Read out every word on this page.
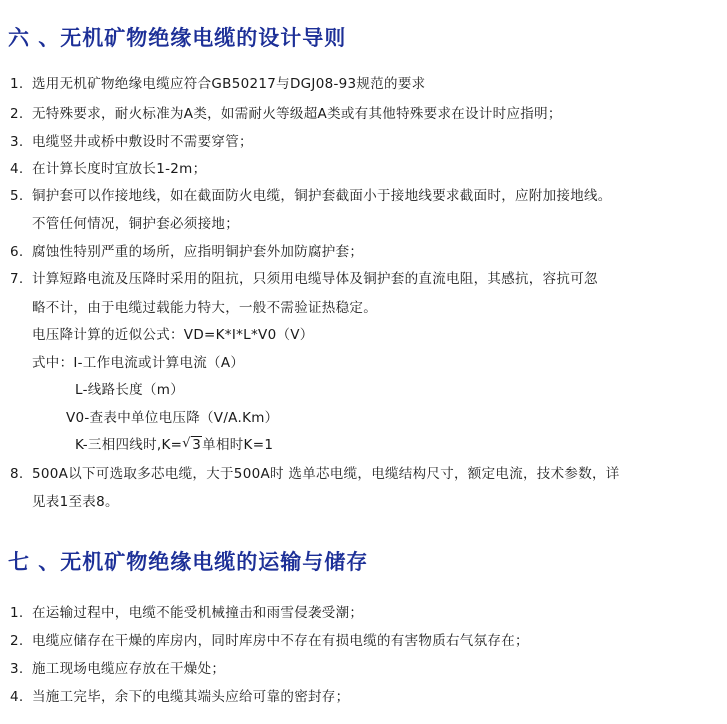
六 、无机矿物绝缘电缆的设计导则
1. 选用无机矿物绝缘电缆应符合GB50217与DGJ08-93规范的要求
2. 无特殊要求，耐火标准为A类，如需耐火等级超A类或有其他特殊要求在设计时应指明；
3. 电缆竖井或桥中敷设时不需要穿管；
4. 在计算长度时宜放长1-2m；
5. 铜护套可以作接地线，如在截面防火电缆，铜护套截面小于接地线要求截面时，应附加接地线。
不管任何情况，铜护套必须接地；
6. 腐蚀性特别严重的场所，应指明铜护套外加防腐护套；
7. 计算短路电流及压降时采用的阻抗，只须用电缆导体及铜护套的直流电阻，其感抗，容抗可忽
略不计，由于电缆过载能力特大，一般不需验证热稳定。
电压降计算的近似公式：VD=K*I*L*V0（V）
式中：I-工作电流或计算电流（A）
L-线路长度（m）
V0-查表中单位电压降（V/A.Km）
K-三相四线时,K=√ 3单相时K=1
8. 500A以下可选取多芯电缆，大于500A时 选单芯电缆，电缆结构尺寸，额定电流，技术参数，详
见表1至表8。
七 、无机矿物绝缘电缆的运输与储存
1. 在运输过程中，电缆不能受机械撞击和雨雪侵袭受潮；
2. 电缆应储存在干燥的库房内，同时库房中不存在有损电缆的有害物质右气氛存在；
3. 施工现场电缆应存放在干燥处；
4. 当施工完毕，余下的电缆其端头应给可靠的密封存；
